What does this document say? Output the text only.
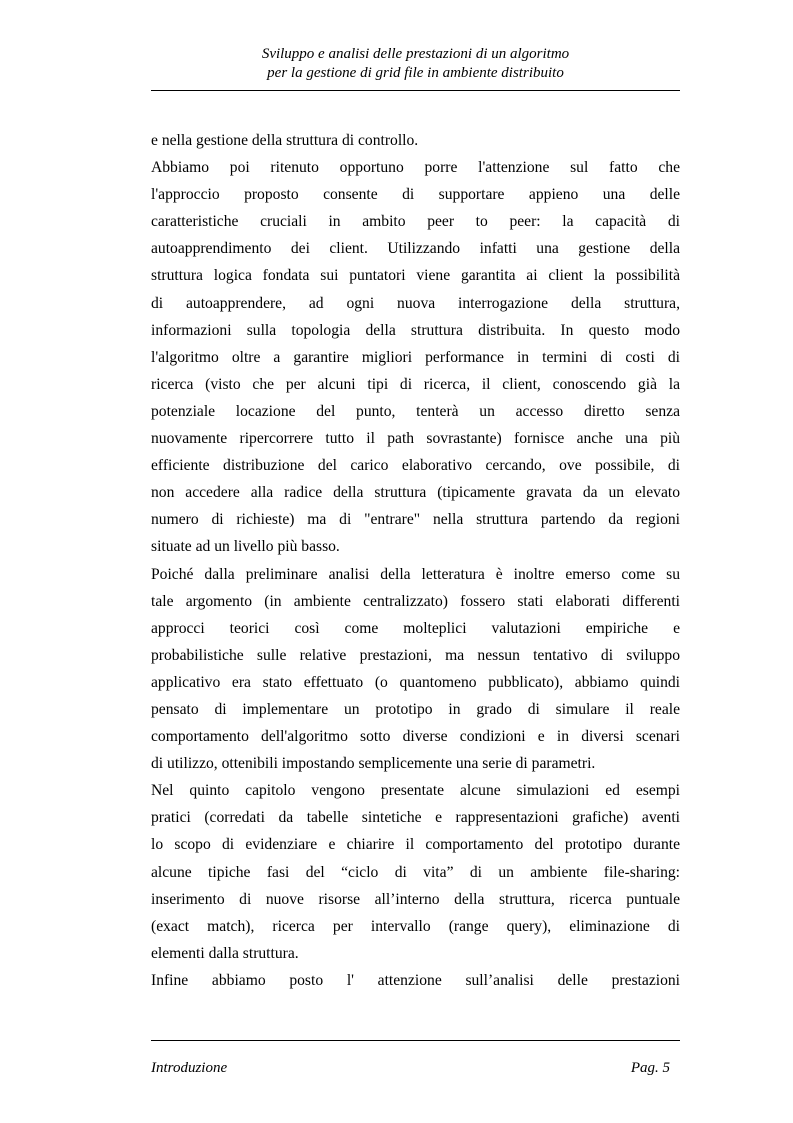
Sviluppo e analisi delle prestazioni di un algoritmo
per la gestione di grid file in ambiente distribuito
e nella gestione della struttura di controllo.
Abbiamo poi ritenuto opportuno porre l'attenzione sul fatto che
l'approccio proposto consente di supportare appieno una delle
caratteristiche cruciali in ambito peer to peer: la capacità di
autoapprendimento dei client. Utilizzando infatti una gestione della
struttura logica fondata sui puntatori viene garantita ai client la possibilità
di autoapprendere, ad ogni nuova interrogazione della struttura,
informazioni sulla topologia della struttura distribuita. In questo modo
l'algoritmo oltre a garantire migliori performance in termini di costi di
ricerca (visto che per alcuni tipi di ricerca, il client, conoscendo già la
potenziale locazione del punto, tenterà un accesso diretto senza
nuovamente ripercorrere tutto il path sovrastante) fornisce anche una più
efficiente distribuzione del carico elaborativo cercando, ove possibile, di
non accedere alla radice della struttura (tipicamente gravata da un elevato
numero di richieste) ma di "entrare" nella struttura partendo da regioni
situate ad un livello più basso.
Poiché dalla preliminare analisi della letteratura è inoltre emerso come su
tale argomento (in ambiente centralizzato) fossero stati elaborati differenti
approcci teorici così come molteplici valutazioni empiriche e
probabilistiche sulle relative prestazioni, ma nessun tentativo di sviluppo
applicativo era stato effettuato (o quantomeno pubblicato), abbiamo quindi
pensato di implementare un prototipo in grado di simulare il reale
comportamento dell'algoritmo sotto diverse condizioni e in diversi scenari
di utilizzo, ottenibili impostando semplicemente una serie di parametri.
Nel quinto capitolo vengono presentate alcune simulazioni ed esempi
pratici (corredati da tabelle sintetiche e rappresentazioni grafiche) aventi
lo scopo di evidenziare e chiarire il comportamento del prototipo durante
alcune tipiche fasi del “ciclo di vita” di un ambiente file-sharing:
inserimento di nuove risorse all’interno della struttura, ricerca puntuale
(exact match), ricerca per intervallo (range query), eliminazione di
elementi dalla struttura.
Infine abbiamo posto l' attenzione sull’analisi delle prestazioni
Introduzione	Pag. 5
